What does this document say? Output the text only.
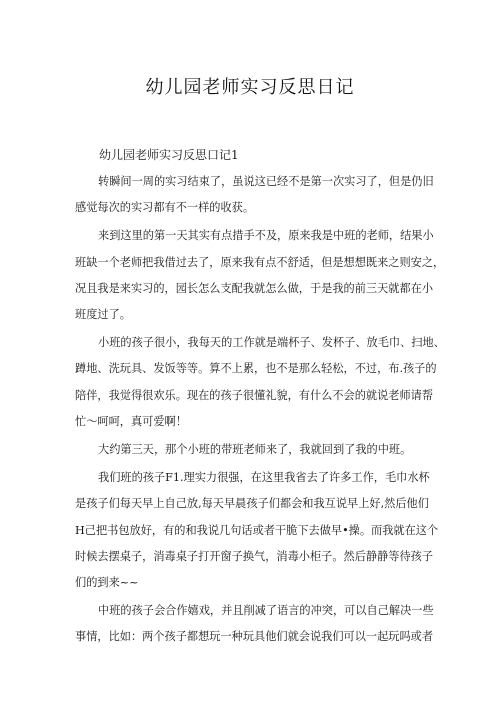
幼儿园老师实习反思日记
幼儿园老师实习反思口记1
转瞬间一周的实习结束了，虽说这已经不是第一次实习了，但是仍旧
感觉每次的实习都有不一样的收获。
来到这里的第一天其实有点措手不及，原来我是中班的老师，结果小
班缺一个老师把我借过去了，原来我有点不舒适，但是想想既来之则安之，
况且我是来实习的，园长怎么支配我就怎么做，于是我的前三天就都在小
班度过了。
小班的孩子很小，我每天的工作就是端杯子、发杯子、放毛巾、扫地、
蹲地、洗玩具、发饭等等。算不上累，也不是那么轻松，不过，布.孩子的
陪伴，我觉得很欢乐。现在的孩子很懂礼貌，有什么不会的就说老师请帮
忙～呵呵，真可爱啊！
大约第三天，那个小班的带班老师来了，我就回到了我的中班。
我们班的孩子F1.理实力很强，在这里我省去了许多工作，毛巾水杯
是孩子们每天早上自己放,每天早晨孩子们都会和我互说早上好,然后他们
H己把书包放好，有的和我说几句话或者干脆下去做早•操。而我就在这个
时候去摆桌子，消毒桌子打开窗子换气，消毒小柜子。然后静静等待孩子
们的到来~~
中班的孩子会合作嬉戏，并且削减了语言的冲突，可以自己解决一些
事情，比如：两个孩子都想玩一种玩具他们就会说我们可以一起玩吗或者
